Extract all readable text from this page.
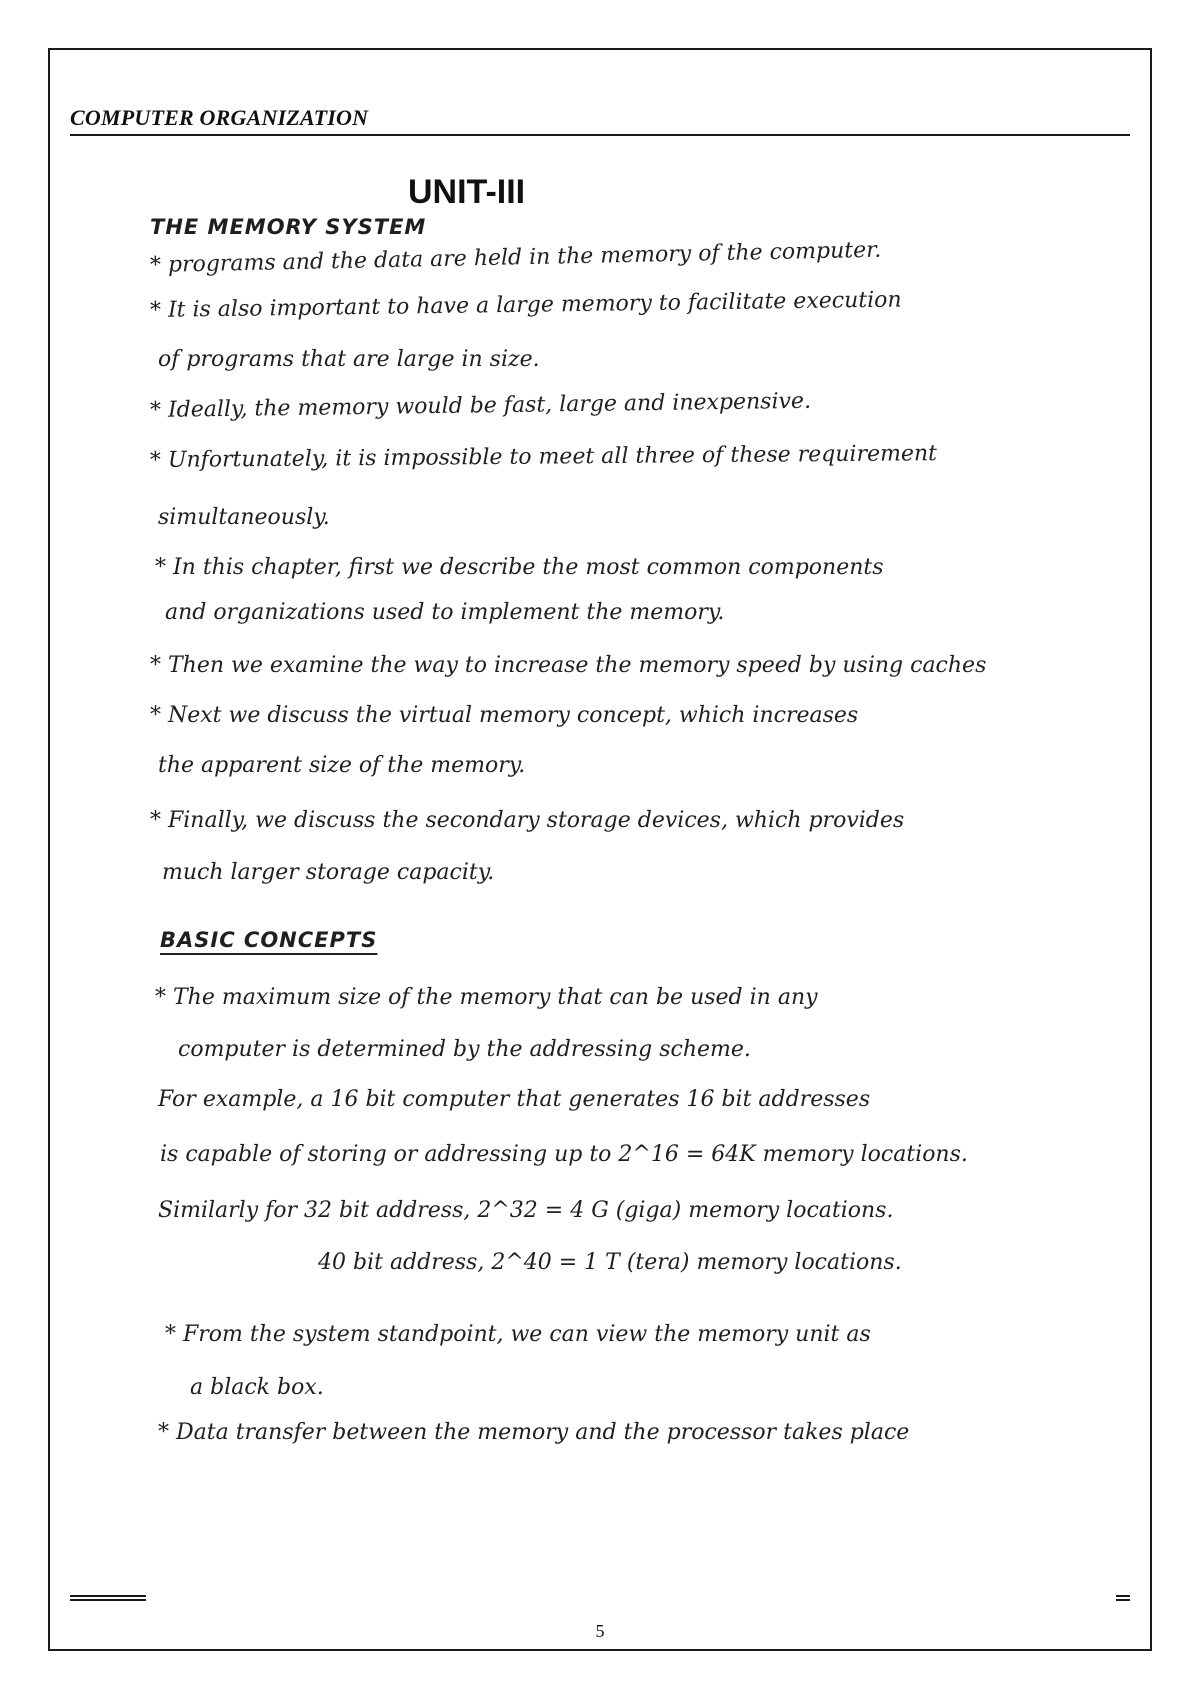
COMPUTER ORGANIZATION
UNIT-III
THE MEMORY SYSTEM
* programs and the data are held in the memory of the computer.
* It is also important to have a large memory to facilitate execution
of programs that are large in size.
* Ideally, the memory would be fast, large and inexpensive.
* Unfortunately, it is impossible to meet all three of these requirement
simultaneously.
* In this chapter, first we describe the most common components
and organizations used to implement the memory.
* Then we examine the way to increase the memory speed by using caches
* Next we discuss the virtual memory concept, which increases
the apparent size of the memory.
* Finally, we discuss the secondary storage devices, which provides
much larger storage capacity.
BASIC CONCEPTS
* The maximum size of the memory that can be used in any
computer is determined by the addressing scheme.
For example, a 16 bit computer that generates 16 bit addresses
is capable of storing or addressing up to 2^16 = 64K memory locations.
Similarly for 32 bit address, 2^32 = 4 G (giga) memory locations.
40 bit address, 2^40 = 1 T (tera) memory locations.
* From the system standpoint, we can view the memory unit as
a black box.
* Data transfer between the memory and the processor takes place
5
